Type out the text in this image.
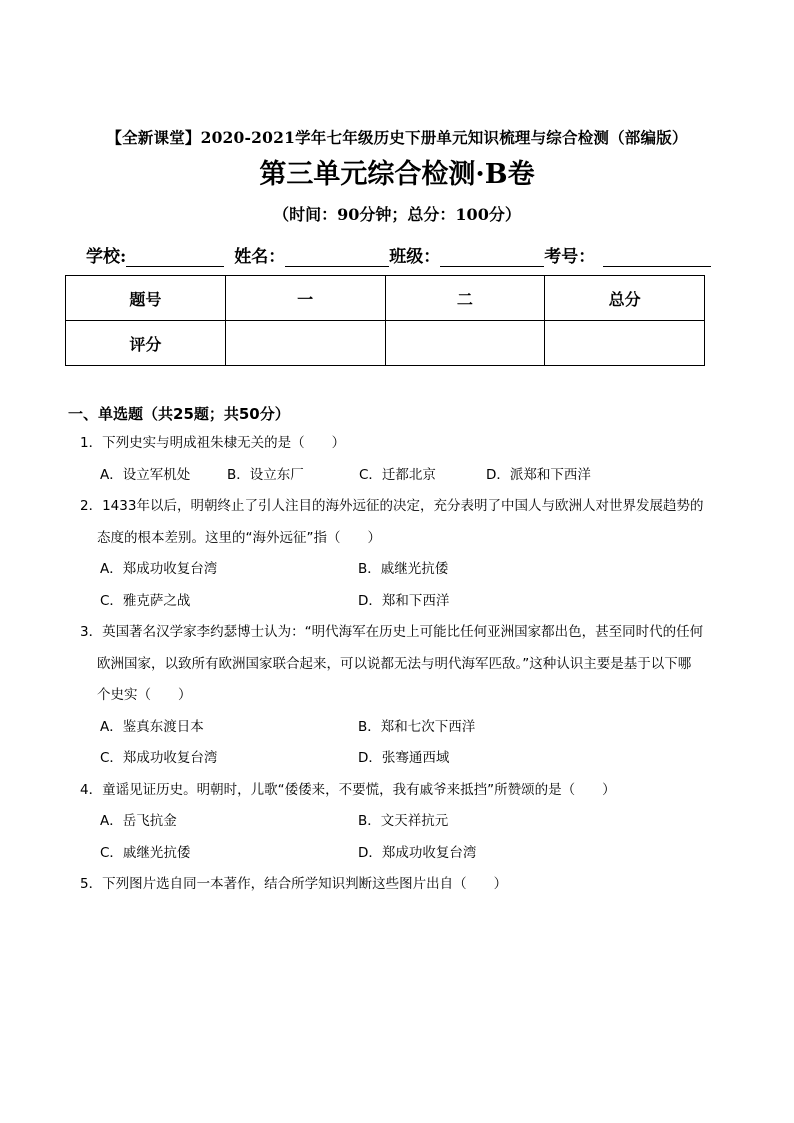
【全新课堂】2020-2021学年七年级历史下册单元知识梳理与综合检测（部编版）
第三单元综合检测·B卷
（时间：90分钟；总分：100分）
学校:	姓名：	班级：	考号：
题号	一	二	总分
评分			
一、单选题（共25题；共50分）
1．下列史实与明成祖朱棣无关的是（　　）
A．设立军机处	B．设立东厂	C．迁都北京	D．派郑和下西洋
2．1433年以后，明朝终止了引人注目的海外远征的决定，充分表明了中国人与欧洲人对世界发展趋势的
态度的根本差别。这里的“海外远征”指（　　）
A．郑成功收复台湾	B．戚继光抗倭
C．雅克萨之战	D．郑和下西洋
3．英国著名汉学家李约瑟博士认为：“明代海军在历史上可能比任何亚洲国家都出色，甚至同时代的任何
欧洲国家，以致所有欧洲国家联合起来，可以说都无法与明代海军匹敌。”这种认识主要是基于以下哪
个史实（　　）
A．鉴真东渡日本	B．郑和七次下西洋
C．郑成功收复台湾	D．张骞通西域
4．童谣见证历史。明朝时，儿歌“倭倭来，不要慌，我有戚爷来抵挡”所赞颂的是（　　）
A．岳飞抗金	B．文天祥抗元
C．戚继光抗倭	D．郑成功收复台湾
5．下列图片选自同一本著作，结合所学知识判断这些图片出自（　　）
